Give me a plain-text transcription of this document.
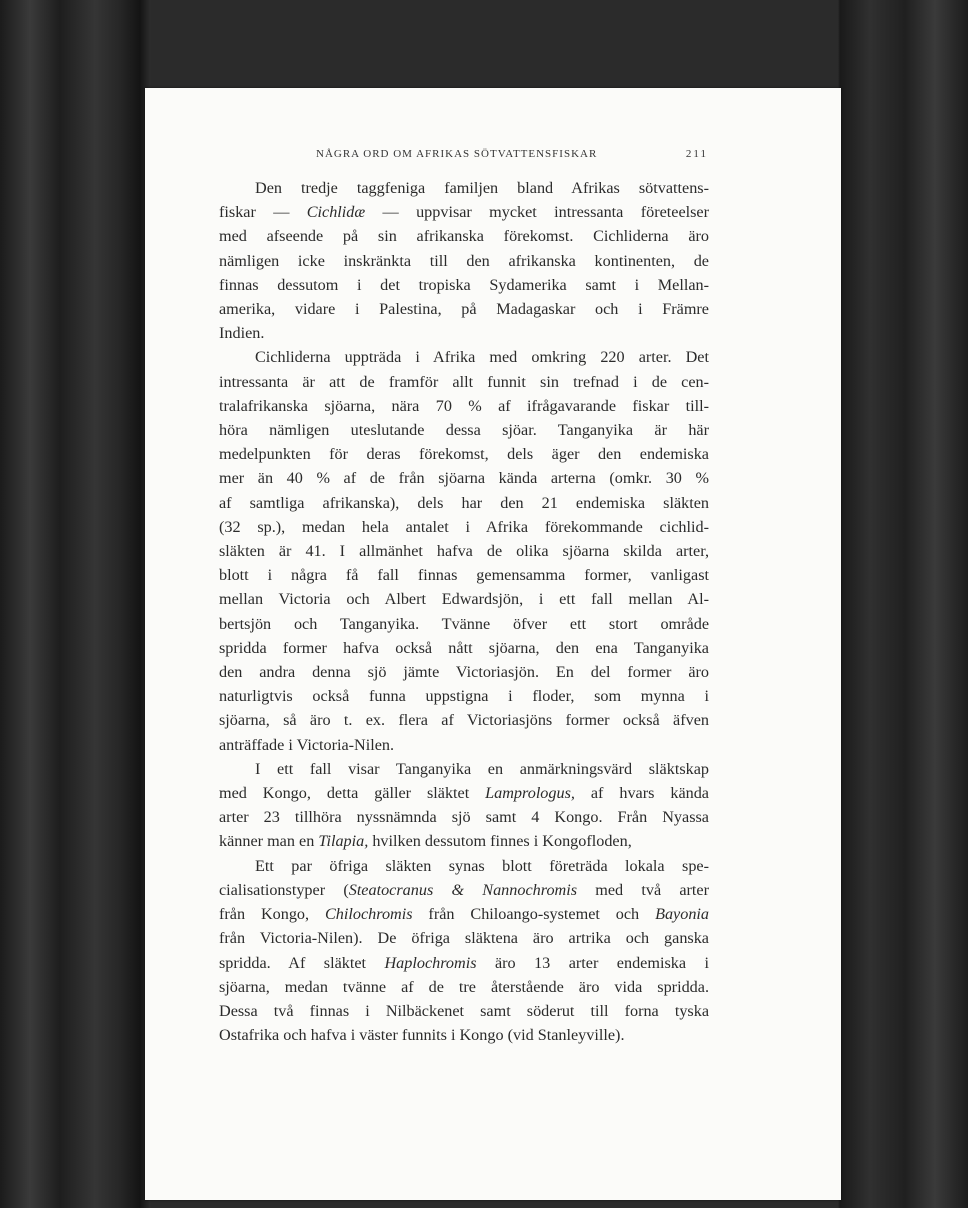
NÅGRA ORD OM AFRIKAS SÖTVATTENSFISKAR	211
Den tredje taggfeniga familjen bland Afrikas sötvattens-
fiskar — Cichlidæ — uppvisar mycket intressanta företeelser
med afseende på sin afrikanska förekomst. Cichliderna äro
nämligen icke inskränkta till den afrikanska kontinenten, de
finnas dessutom i det tropiska Sydamerika samt i Mellan-
amerika, vidare i Palestina, på Madagaskar och i Främre
Indien.
Cichliderna uppträda i Afrika med omkring 220 arter. Det
intressanta är att de framför allt funnit sin trefnad i de cen-
tralafrikanska sjöarna, nära 70 % af ifrågavarande fiskar till-
höra nämligen uteslutande dessa sjöar. Tanganyika är här
medelpunkten för deras förekomst, dels äger den endemiska
mer än 40 % af de från sjöarna kända arterna (omkr. 30 %
af samtliga afrikanska), dels har den 21 endemiska släkten
(32 sp.), medan hela antalet i Afrika förekommande cichlid-
släkten är 41. I allmänhet hafva de olika sjöarna skilda arter,
blott i några få fall finnas gemensamma former, vanligast
mellan Victoria och Albert Edwardsjön, i ett fall mellan Al-
bertsjön och Tanganyika. Tvänne öfver ett stort område
spridda former hafva också nått sjöarna, den ena Tanganyika
den andra denna sjö jämte Victoriasjön. En del former äro
naturligtvis också funna uppstigna i floder, som mynna i
sjöarna, så äro t. ex. flera af Victoriasjöns former också äfven
anträffade i Victoria-Nilen.
I ett fall visar Tanganyika en anmärkningsvärd släktskap
med Kongo, detta gäller släktet Lamprologus, af hvars kända
arter 23 tillhöra nyssnämnda sjö samt 4 Kongo. Från Nyassa
känner man en Tilapia, hvilken dessutom finnes i Kongofloden,
Ett par öfriga släkten synas blott företräda lokala spe-
cialisationstyper (Steatocranus & Nannochromis med två arter
från Kongo, Chilochromis från Chiloango-systemet och Bayonia
från Victoria-Nilen). De öfriga släktena äro artrika och ganska
spridda. Af släktet Haplochromis äro 13 arter endemiska i
sjöarna, medan tvänne af de tre återstående äro vida spridda.
Dessa två finnas i Nilbäckenet samt söderut till forna tyska
Ostafrika och hafva i väster funnits i Kongo (vid Stanleyville).
